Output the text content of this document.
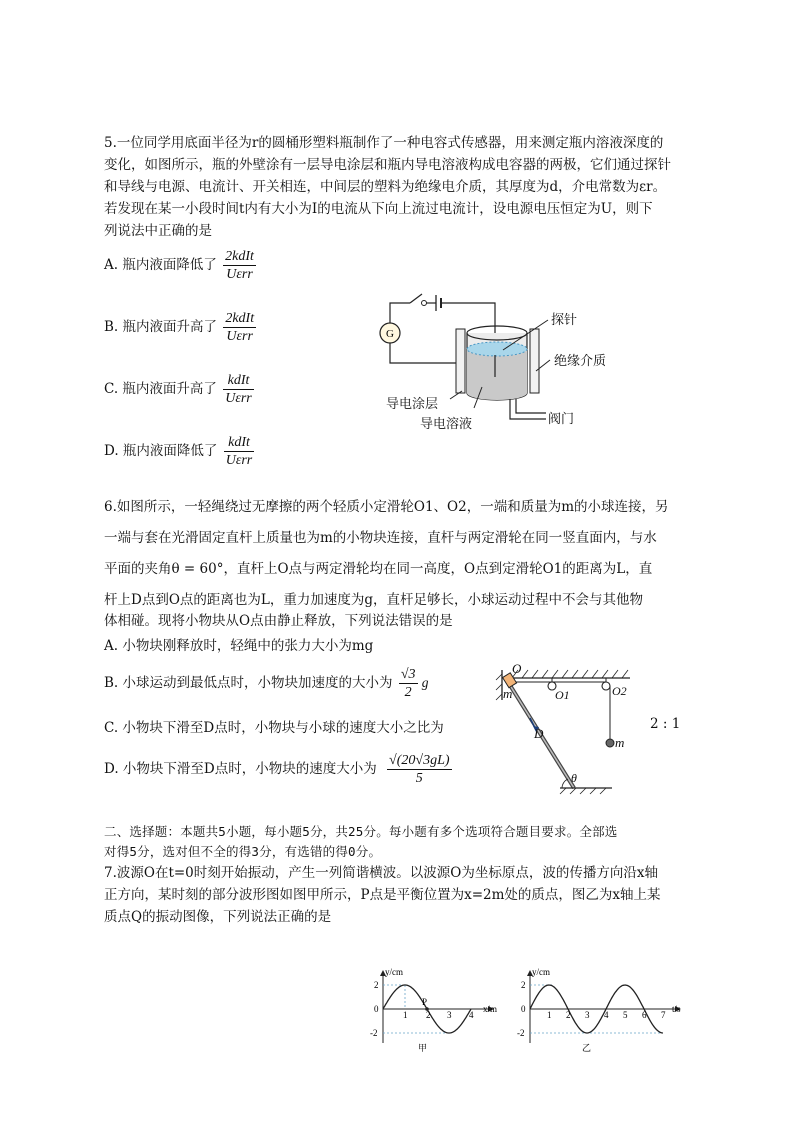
5.一位同学用底面半径为r的圆桶形塑料瓶制作了一种电容式传感器，用来测定瓶内溶液深度的
变化，如图所示，瓶的外壁涂有一层导电涂层和瓶内导电溶液构成电容器的两极，它们通过探针
和导线与电源、电流计、开关相连，中间层的塑料为绝缘电介质，其厚度为d，介电常数为εr。
若发现在某一小段时间t内有大小为I的电流从下向上流过电流计，设电源电压恒定为U，则下
列说法中正确的是
A. 瓶内液面降低了 $\frac{\text{2kdIt}}{\text{Uεrr}}$
B. 瓶内液面升高了 $\frac{\text{2kdIt}}{\text{Uεrr}}$
C. 瓶内液面升高了 $\frac{\text{kdIt}}{\text{Uεrr}}$
D. 瓶内液面降低了 $\frac{\text{kdIt}}{\text{Uεrr}}$
G
探针
绝缘介质
导电涂层
导电溶液	阀门
6.如图所示，一轻绳绕过无摩擦的两个轻质小定滑轮O1、O2，一端和质量为m的小球连接，另
一端与套在光滑固定直杆上质量也为m的小物块连接，直杆与两定滑轮在同一竖直面内，与水
平面的夹角θ = 60°，直杆上O点与两定滑轮均在同一高度，O点到定滑轮O1的距离为L，直
杆上D点到O点的距离也为L，重力加速度为g，直杆足够长，小球运动过程中不会与其他物
体相碰。现将小物块从O点由静止释放，下列说法错误的是
A. 小物块刚释放时，轻绳中的张力大小为mg
B. 小球运动到最低点时，小物块加速度的大小为 $\frac{√3}{2}$ g
C. 小物块下滑至D点时，小物块与小球的速度大小之比为	2 : 1
D. 小物块下滑至D点时，小物块的速度大小为 $\frac{√(20√3gL)}{5}$
O
O1	O2
m
m
D
θ
二、选择题：本题共5小题，每小题5分，共25分。每小题有多个选项符合题目要求。全部选
对得5分，选对但不全的得3分，有选错的得0分。
7.波源O在t=0时刻开始振动，产生一列简谐横波。以波源O为坐标原点，波的传播方向沿x轴
正方向，某时刻的部分波形图如图甲所示，P点是平衡位置为x=2m处的质点，图乙为x轴上某
质点Q的振动图像，下列说法正确的是
y/cm
x/m
P
2
0
-2
1 2 3 4
甲
y/cm
t/s
2
0
-2
1 2 3 4 5 6 7
乙
